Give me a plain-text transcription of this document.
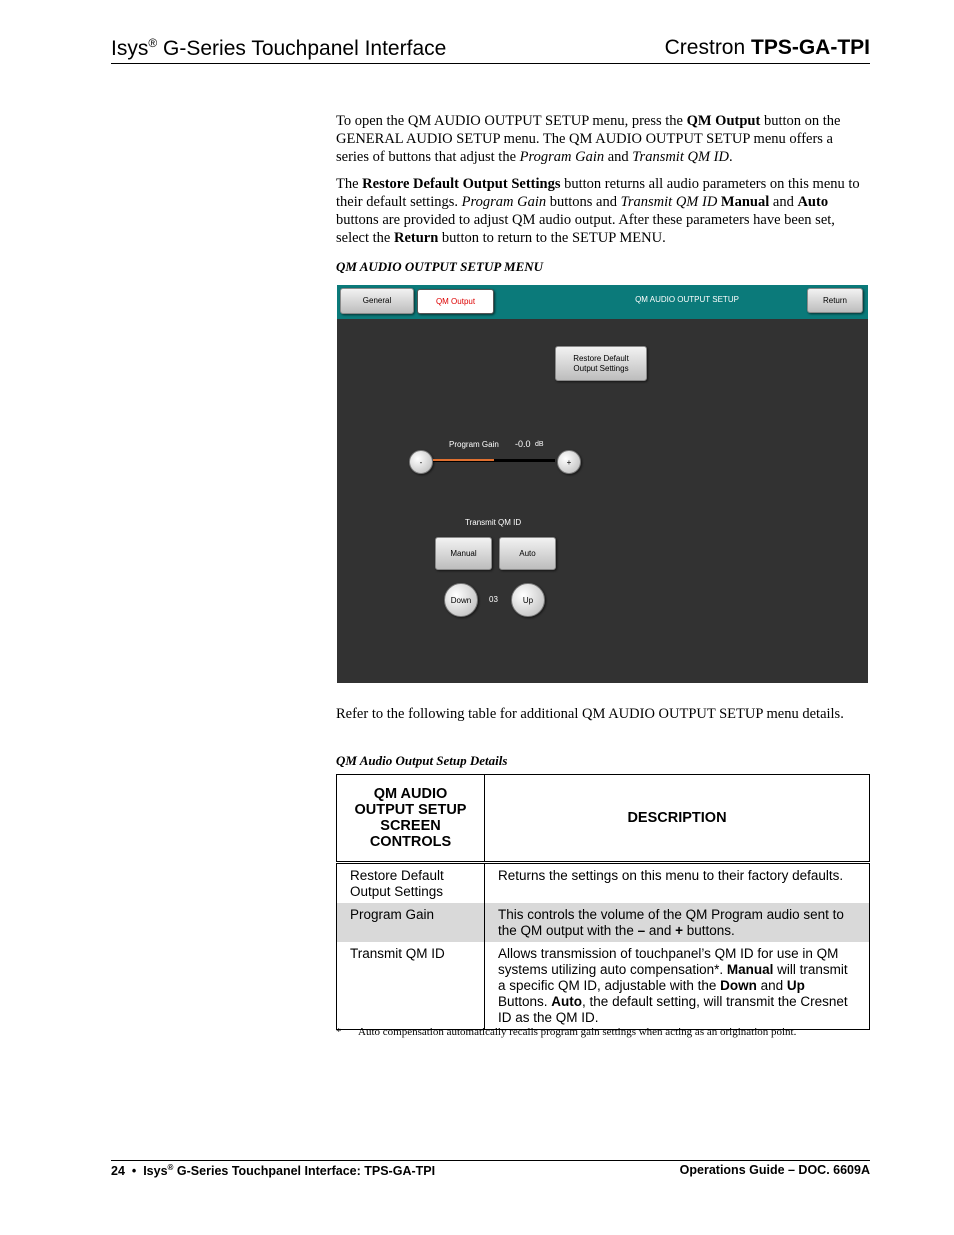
Isys® G-Series Touchpanel Interface	Crestron TPS-GA-TPI
To open the QM AUDIO OUTPUT SETUP menu, press the QM Output button on the GENERAL AUDIO SETUP menu. The QM AUDIO OUTPUT SETUP menu offers a series of buttons that adjust the Program Gain and Transmit QM ID.
The Restore Default Output Settings button returns all audio parameters on this menu to their default settings. Program Gain buttons and Transmit QM ID Manual and Auto buttons are provided to adjust QM audio output. After these parameters have been set, select the Return button to return to the SETUP MENU.
QM AUDIO OUTPUT SETUP MENU
General	QM Output	QM AUDIO OUTPUT SETUP	Return
Restore Default
Output Settings
Program Gain -0.0 dB
-	+
Transmit QM ID
Manual	Auto
Down	03	Up
Refer to the following table for additional QM AUDIO OUTPUT SETUP menu details.
QM Audio Output Setup Details
QM AUDIO
OUTPUT SETUP
SCREEN
CONTROLS	DESCRIPTION
Restore Default Output Settings	Returns the settings on this menu to their factory defaults.
Program Gain	This controls the volume of the QM Program audio sent to the QM output with the – and + buttons.
Transmit QM ID	Allows transmission of touchpanel’s QM ID for use in QM systems utilizing auto compensation*. Manual will transmit a specific QM ID, adjustable with the Down and Up Buttons. Auto, the default setting, will transmit the Cresnet ID as the QM ID.
* Auto compensation automatically recalls program gain settings when acting as an origination point.
24 • Isys® G-Series Touchpanel Interface: TPS-GA-TPI	Operations Guide – DOC. 6609A
